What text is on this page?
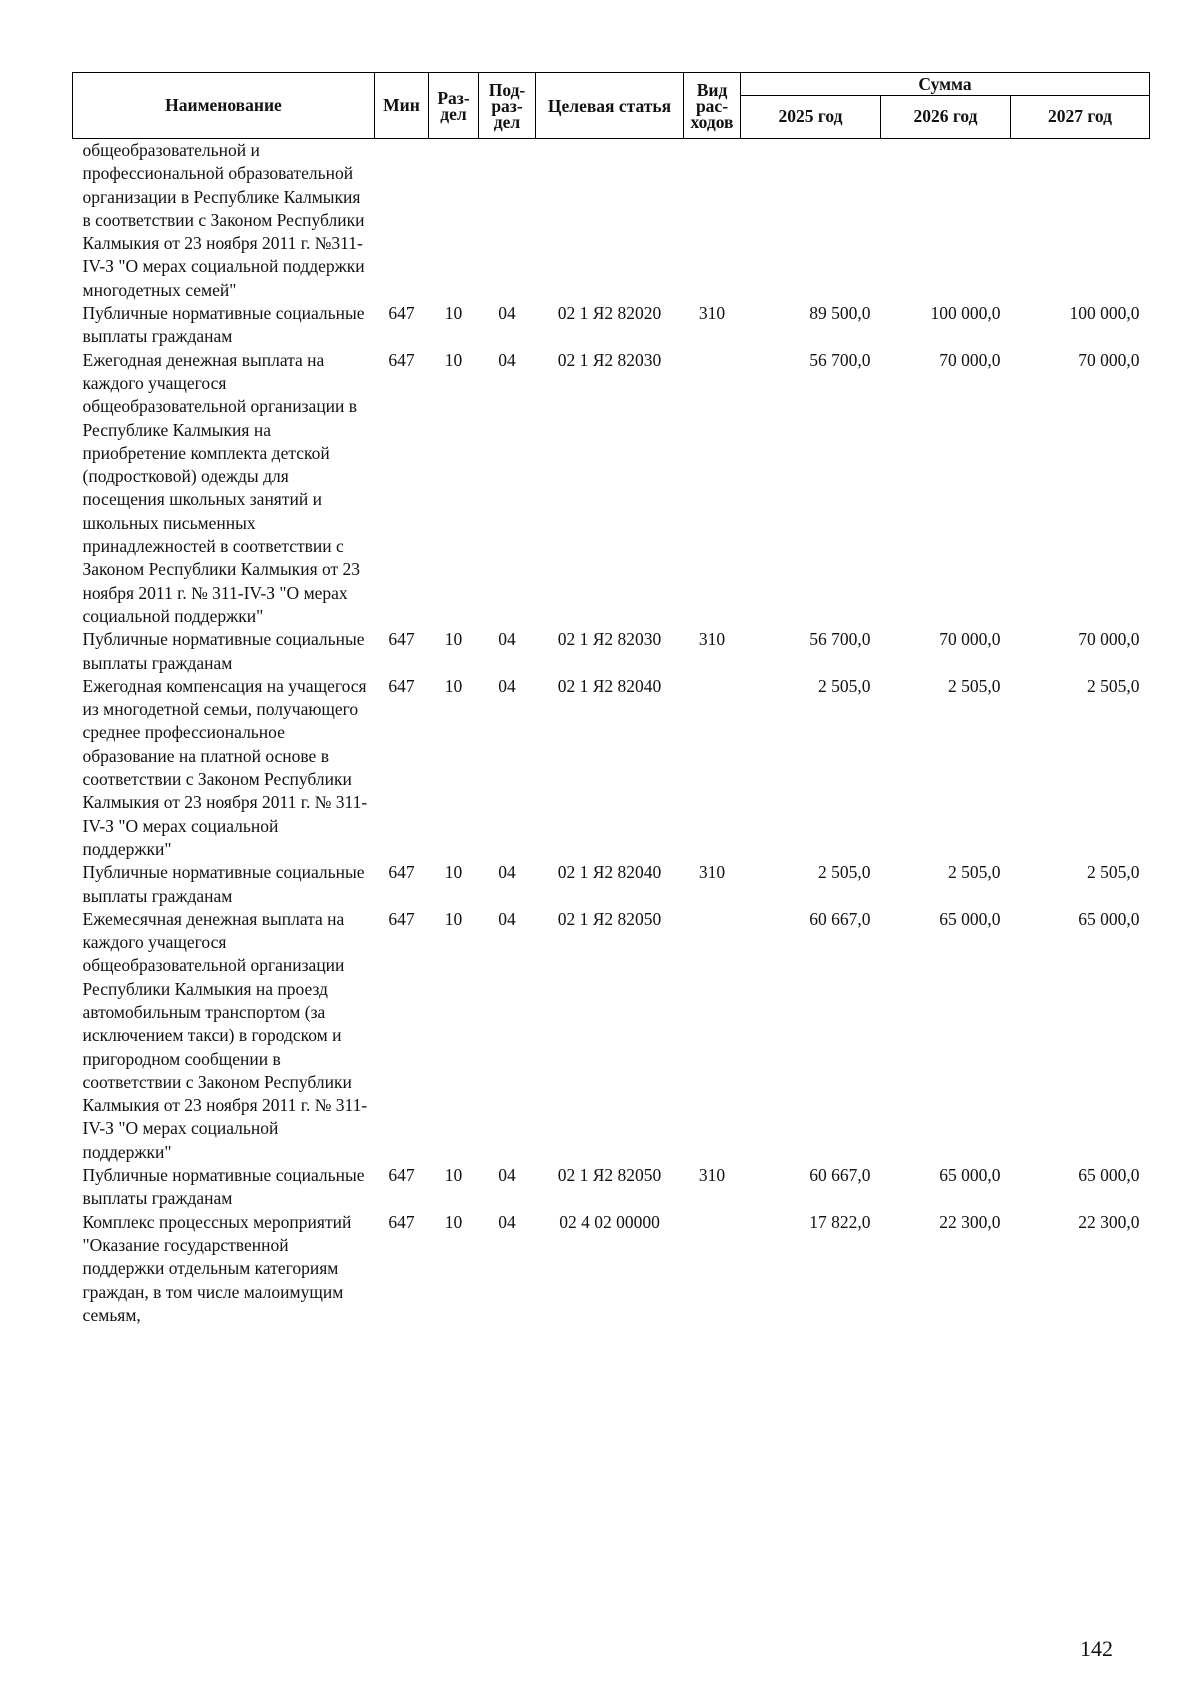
Наименование	Мин	Раз- дел	Под- раз- дел	Целевая статья	Вид рас- ходов	Сумма		
						2025 год	2026 год	2027 год
общеобразовательной и профессиональной образовательной организации в Республике Калмыкия в соответствии с Законом Республики Калмыкия от 23 ноября 2011 г. №311-IV-З "О мерах социальной поддержки многодетных семей"								
Публичные нормативные социальные выплаты гражданам	647	10	04	02 1 Я2 82020	310	89 500,0	100 000,0	100 000,0
Ежегодная денежная выплата на каждого учащегося общеобразовательной организации в Республике Калмыкия на приобретение комплекта детской (подростковой) одежды для посещения школьных занятий и школьных письменных принадлежностей в соответствии с Законом Республики Калмыкия от 23 ноября 2011 г. № 311-IV-З "О мерах социальной поддержки"	647	10	04	02 1 Я2 82030		56 700,0	70 000,0	70 000,0
Публичные нормативные социальные выплаты гражданам	647	10	04	02 1 Я2 82030	310	56 700,0	70 000,0	70 000,0
Ежегодная компенсация на учащегося из многодетной семьи, получающего среднее профессиональное образование на платной основе в соответствии с Законом Республики Калмыкия от 23 ноября 2011 г. № 311-IV-З "О мерах социальной поддержки"	647	10	04	02 1 Я2 82040		2 505,0	2 505,0	2 505,0
Публичные нормативные социальные выплаты гражданам	647	10	04	02 1 Я2 82040	310	2 505,0	2 505,0	2 505,0
Ежемесячная денежная выплата на каждого учащегося общеобразовательной организации Республики Калмыкия на проезд автомобильным транспортом (за исключением такси) в городском и пригородном сообщении в соответствии с Законом Республики Калмыкия от 23 ноября 2011 г. № 311-IV-З "О мерах социальной поддержки"	647	10	04	02 1 Я2 82050		60 667,0	65 000,0	65 000,0
Публичные нормативные социальные выплаты гражданам	647	10	04	02 1 Я2 82050	310	60 667,0	65 000,0	65 000,0
Комплекс процессных мероприятий "Оказание государственной поддержки отдельным категориям граждан, в том числе малоимущим семьям,	647	10	04	02 4 02 00000		17 822,0	22 300,0	22 300,0
142
